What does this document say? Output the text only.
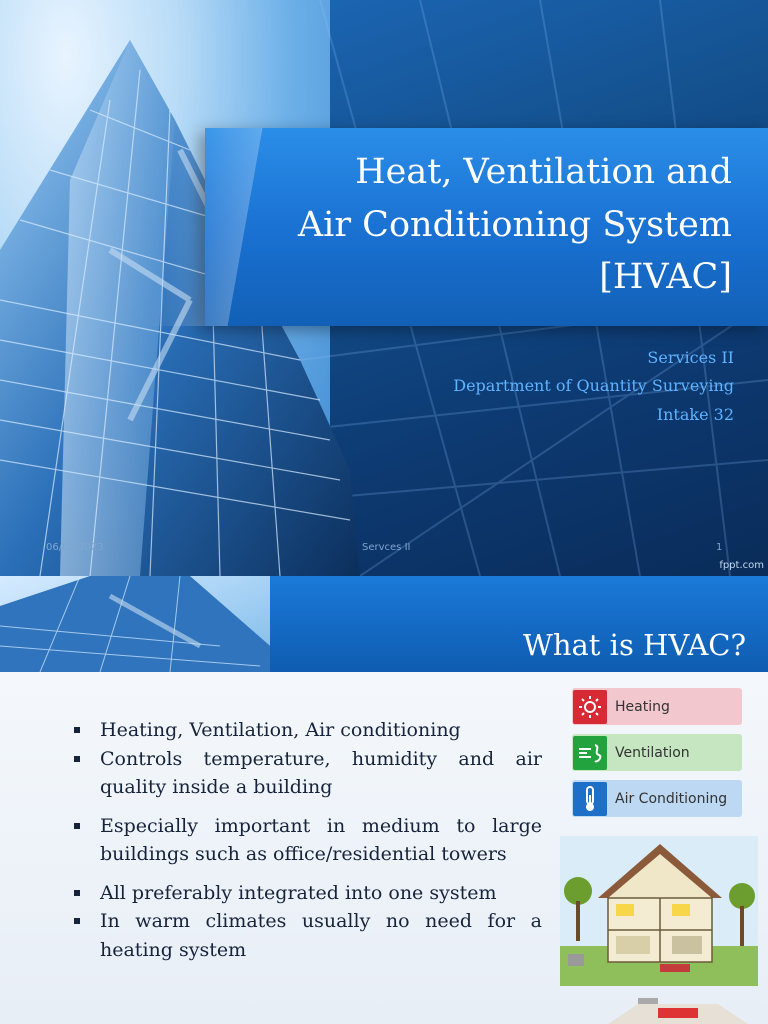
Heat, Ventilation and
Air Conditioning System
[HVAC]
Services II
Department of Quantity Surveying
Intake 32
06/03/2023	Servces II	1
fppt.com
What is HVAC?
Heating, Ventilation, Air conditioning
Controls temperature, humidity and air quality inside a building
Especially important in medium to large buildings such as office/residential towers
All preferably integrated into one system
In warm climates usually no need for a heating system
Heating
Ventilation
Air Conditioning
